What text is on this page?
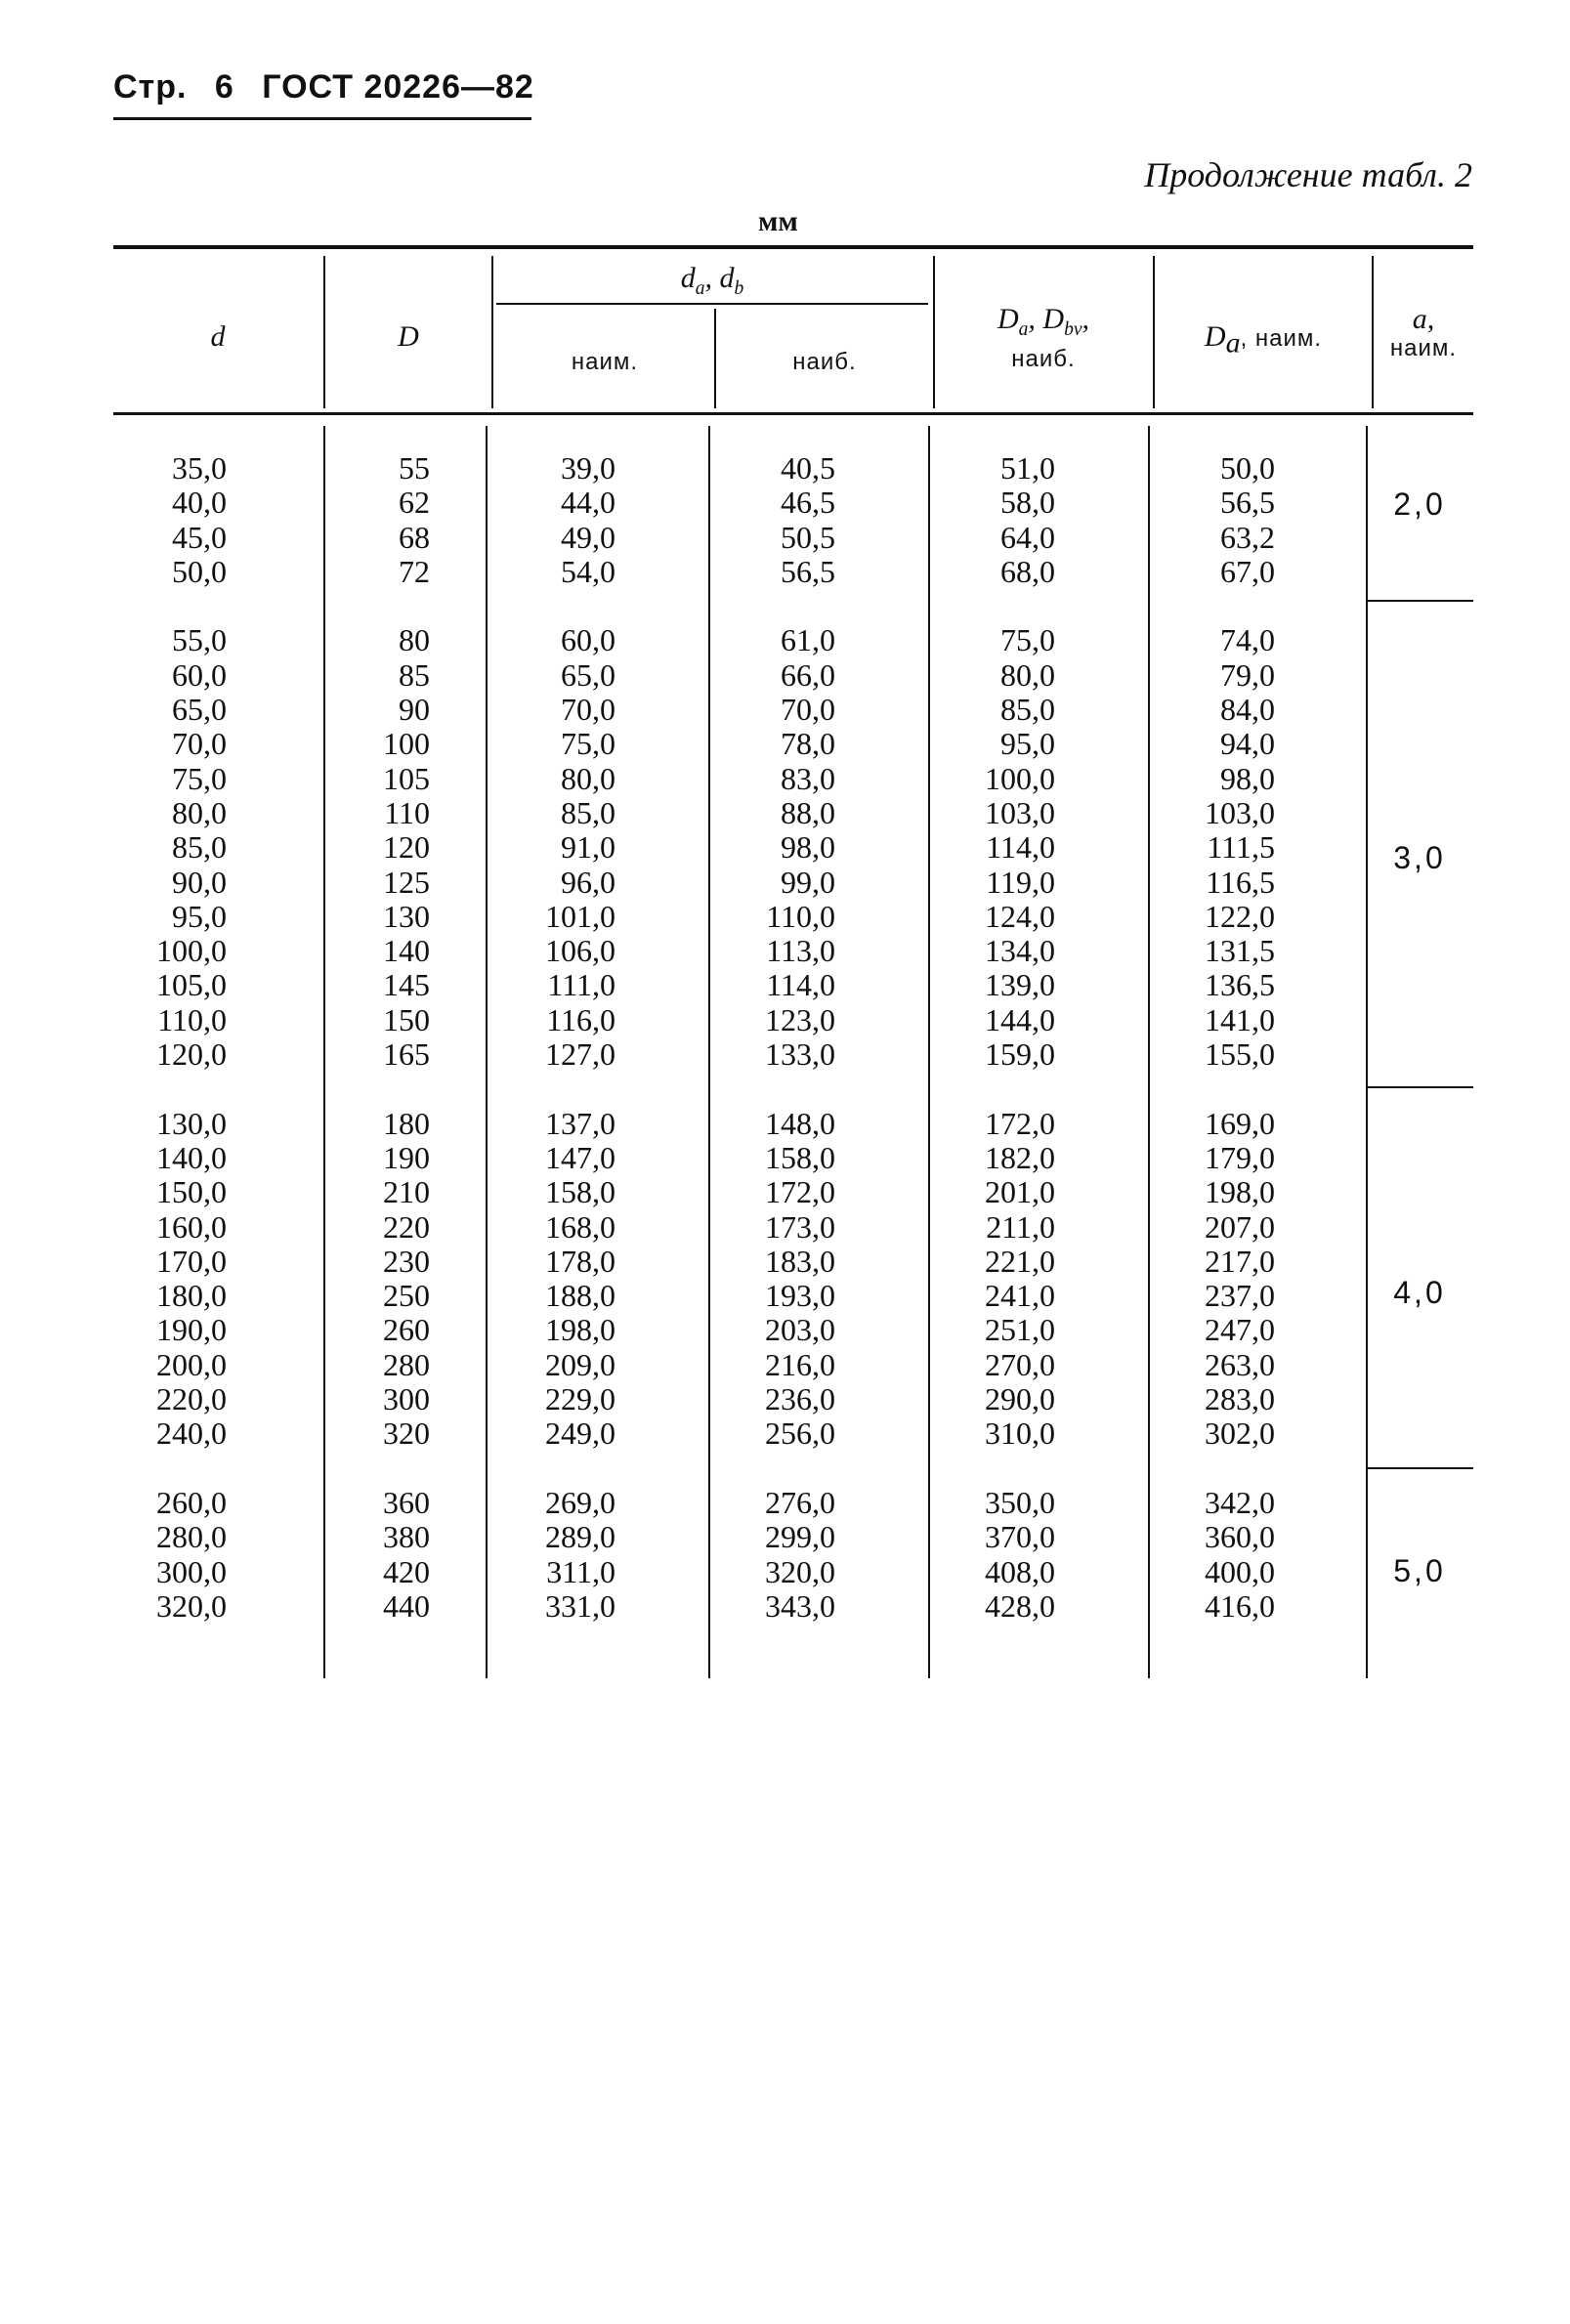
Стр. 6 ГОСТ 20226—82
Продолжение табл. 2
мм
d	D
$d_a$, $d_b$
наим.	наиб.
$D_a$, $D_{bv}$,
наиб.
$D_a$, наим.
a,
наим.
35,0
40,0
45,0
50,0
55,0
60,0
65,0
70,0
75,0
80,0
85,0
90,0
95,0
100,0
105,0
110,0
120,0
130,0
140,0
150,0
160,0
170,0
180,0
190,0
200,0
220,0
240,0
260,0
280,0
300,0
320,0
55
62
68
72
80
85
90
100
105
110
120
125
130
140
145
150
165
180
190
210
220
230
250
260
280
300
320
360
380
420
440
39,0
44,0
49,0
54,0
60,0
65,0
70,0
75,0
80,0
85,0
91,0
96,0
101,0
106,0
111,0
116,0
127,0
137,0
147,0
158,0
168,0
178,0
188,0
198,0
209,0
229,0
249,0
269,0
289,0
311,0
331,0
40,5
46,5
50,5
56,5
61,0
66,0
70,0
78,0
83,0
88,0
98,0
99,0
110,0
113,0
114,0
123,0
133,0
148,0
158,0
172,0
173,0
183,0
193,0
203,0
216,0
236,0
256,0
276,0
299,0
320,0
343,0
51,0
58,0
64,0
68,0
75,0
80,0
85,0
95,0
100,0
103,0
114,0
119,0
124,0
134,0
139,0
144,0
159,0
172,0
182,0
201,0
211,0
221,0
241,0
251,0
270,0
290,0
310,0
350,0
370,0
408,0
428,0
50,0
56,5
63,2
67,0
74,0
79,0
84,0
94,0
98,0
103,0
111,5
116,5
122,0
131,5
136,5
141,0
155,0
169,0
179,0
198,0
207,0
217,0
237,0
247,0
263,0
283,0
302,0
342,0
360,0
400,0
416,0
2,0
3,0
4,0
5,0
